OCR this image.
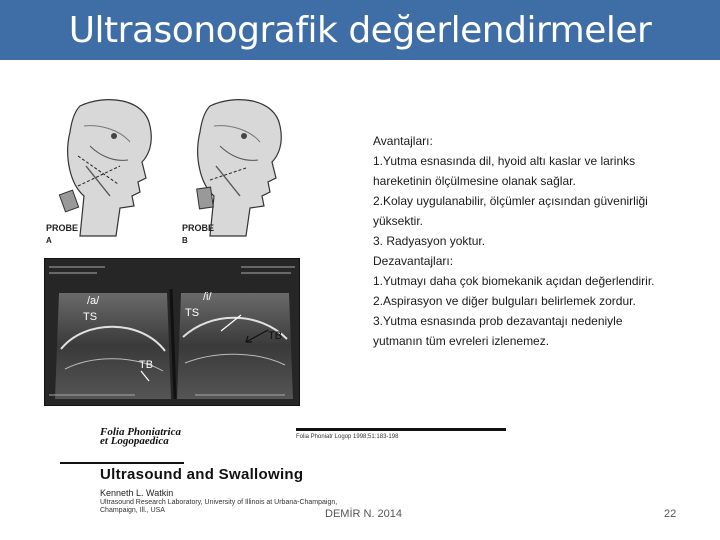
Ultrasonografik değerlendirmeler
PROBE
A
PROBE
B
/a/	/i/
TS	TS
TB
TB
Avantajları:
1.Yutma esnasında dil, hyoid altı kaslar ve larinks
hareketinin ölçülmesine olanak sağlar.
2.Kolay uygulanabilir, ölçümler açısından güvenirliği
yüksektir.
3. Radyasyon yoktur.
Dezavantajları:
1.Yutmayı daha çok biomekanik açıdan değerlendirir.
2.Aspirasyon ve diğer bulguları belirlemek zordur.
3.Yutma esnasında prob dezavantajı nedeniyle
yutmanın tüm evreleri izlenemez.
Folia Phoniatrica
et Logopaedica	Folia Phoniatr Logop 1998;51:183-198
Ultrasound and Swallowing
Kenneth L. Watkin
Ultrasound Research Laboratory, University of Illinois at Urbana-Champaign,
Champaign, Ill., USA	DEMİR N. 2014	22
